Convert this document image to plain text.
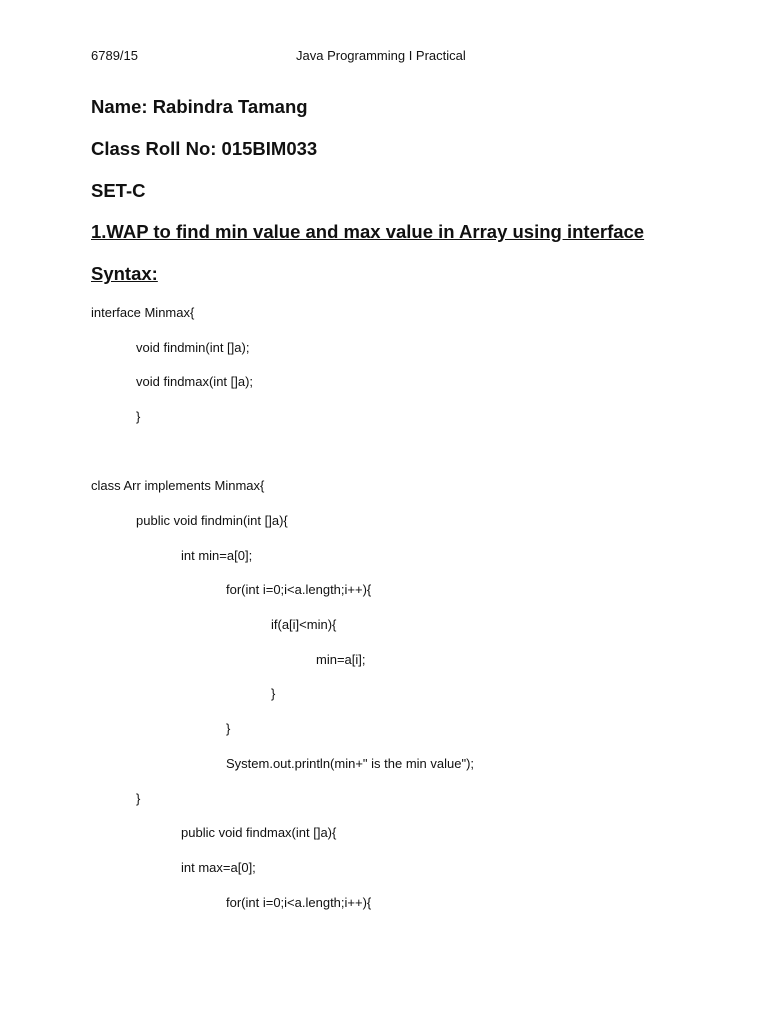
6789/15	Java Programming I Practical
Name: Rabindra Tamang
Class Roll No: 015BIM033
SET-C
1.WAP to find min value and max value in Array using interface
Syntax:
interface Minmax{
void findmin(int []a);
void findmax(int []a);
}
class Arr implements Minmax{
public void findmin(int []a){
int min=a[0];
for(int i=0;i<a.length;i++){
if(a[i]<min){
min=a[i];
}
}
System.out.println(min+" is the min value");
}
public void findmax(int []a){
int max=a[0];
for(int i=0;i<a.length;i++){
